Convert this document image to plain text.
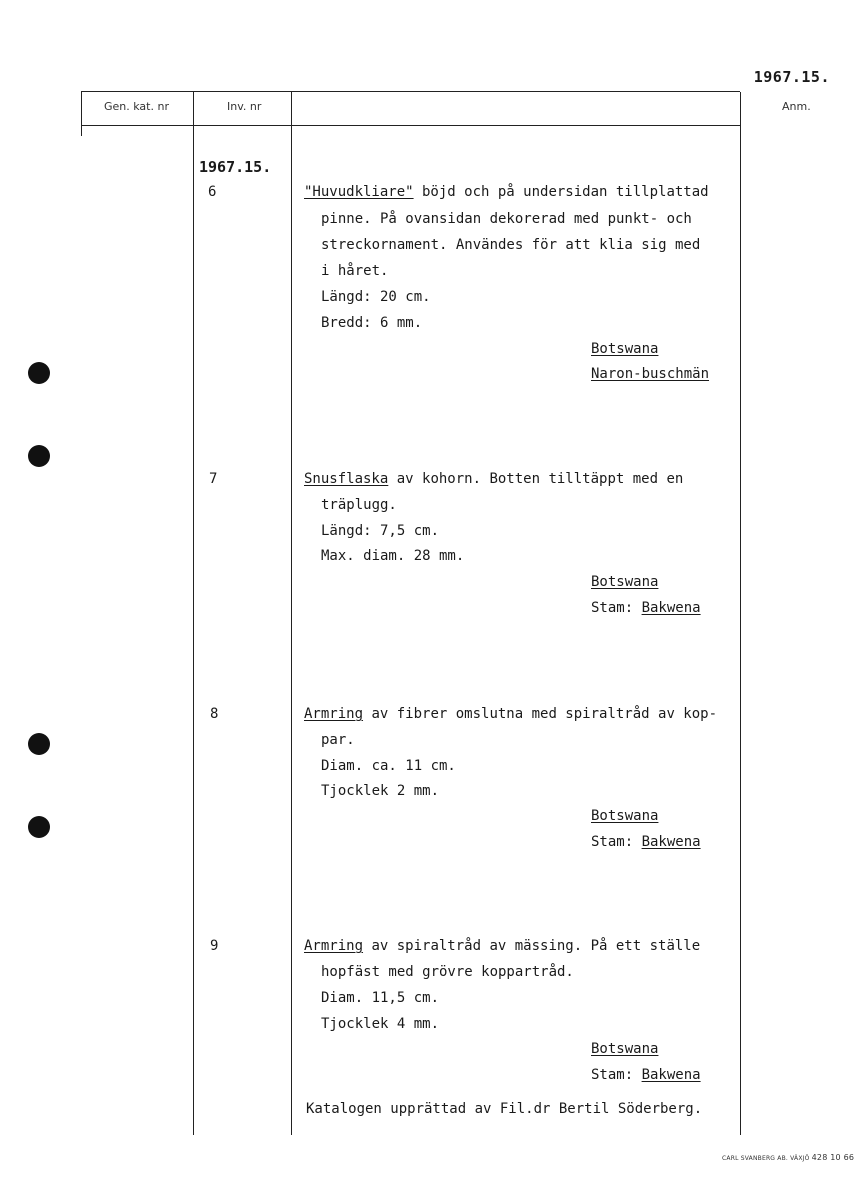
1967.15.
Gen. kat. nr	Inv. nr	Anm.
1967.15.
6	"Huvudkliare" böjd och på undersidan tillplattad
pinne. På ovansidan dekorerad med punkt- och
streckornament. Användes för att klia sig med
i håret.
Längd: 20 cm.
Bredd: 6 mm.
Botswana
Naron-buschmän
7	Snusflaska av kohorn. Botten tilltäppt med en
träplugg.
Längd: 7,5 cm.
Max. diam. 28 mm.
Botswana
Stam: Bakwena
8	Armring av fibrer omslutna med spiraltråd av kop-
par.
Diam. ca. 11 cm.
Tjocklek 2 mm.
Botswana
Stam: Bakwena
9	Armring av spiraltråd av mässing. På ett ställe
hopfäst med grövre koppartråd.
Diam. 11,5 cm.
Tjocklek 4 mm.
Botswana
Stam: Bakwena
Katalogen upprättad av Fil.dr Bertil Söderberg.
CARL SVANBERG AB. VÄXJÖ 428 10 66
